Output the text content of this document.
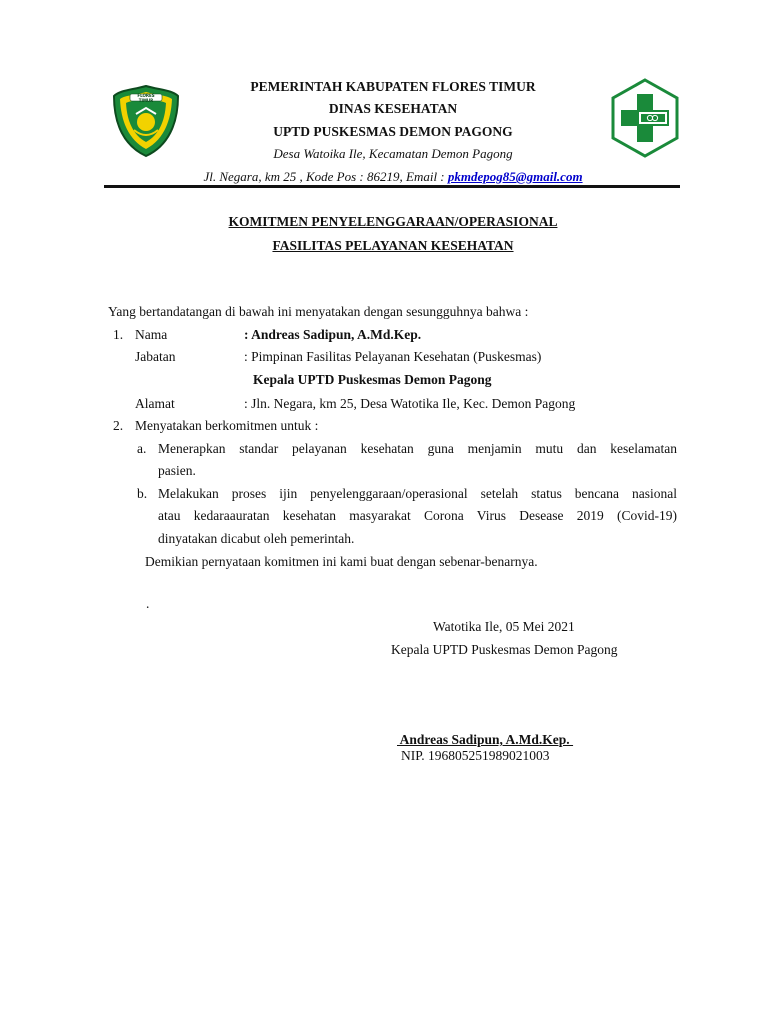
FLORES TIMUR
PEMERINTAH KABUPATEN FLORES TIMUR
DINAS KESEHATAN
UPTD PUSKESMAS DEMON PAGONG
Desa Watoika Ile, Kecamatan Demon Pagong
Jl. Negara, km 25 , Kode Pos : 86219, Email : pkmdepog85@gmail.com
KOMITMEN PENYELENGGARAAN/OPERASIONAL
FASILITAS PELAYANAN KESEHATAN
Yang bertandatangan di bawah ini menyatakan dengan sesungguhnya bahwa :
1. Nama	: Andreas Sadipun, A.Md.Kep.
Jabatan	: Pimpinan Fasilitas Pelayanan Kesehatan (Puskesmas)
Kepala UPTD Puskesmas Demon Pagong
Alamat	: Jln. Negara, km 25, Desa Watotika Ile, Kec. Demon Pagong
2. Menyatakan berkomitmen untuk :
a. Menerapkan standar pelayanan kesehatan guna menjamin mutu dan keselamatan
pasien.
b. Melakukan proses ijin penyelenggaraan/operasional setelah status bencana nasional
atau kedaraauratan kesehatan masyarakat Corona Virus Desease 2019 (Covid-19)
dinyatakan dicabut oleh pemerintah.
Demikian pernyataan komitmen ini kami buat dengan sebenar-benarnya.
.
Watotika Ile, 05 Mei 2021
Kepala UPTD Puskesmas Demon Pagong
Andreas Sadipun, A.Md.Kep.
NIP. 196805251989021003
